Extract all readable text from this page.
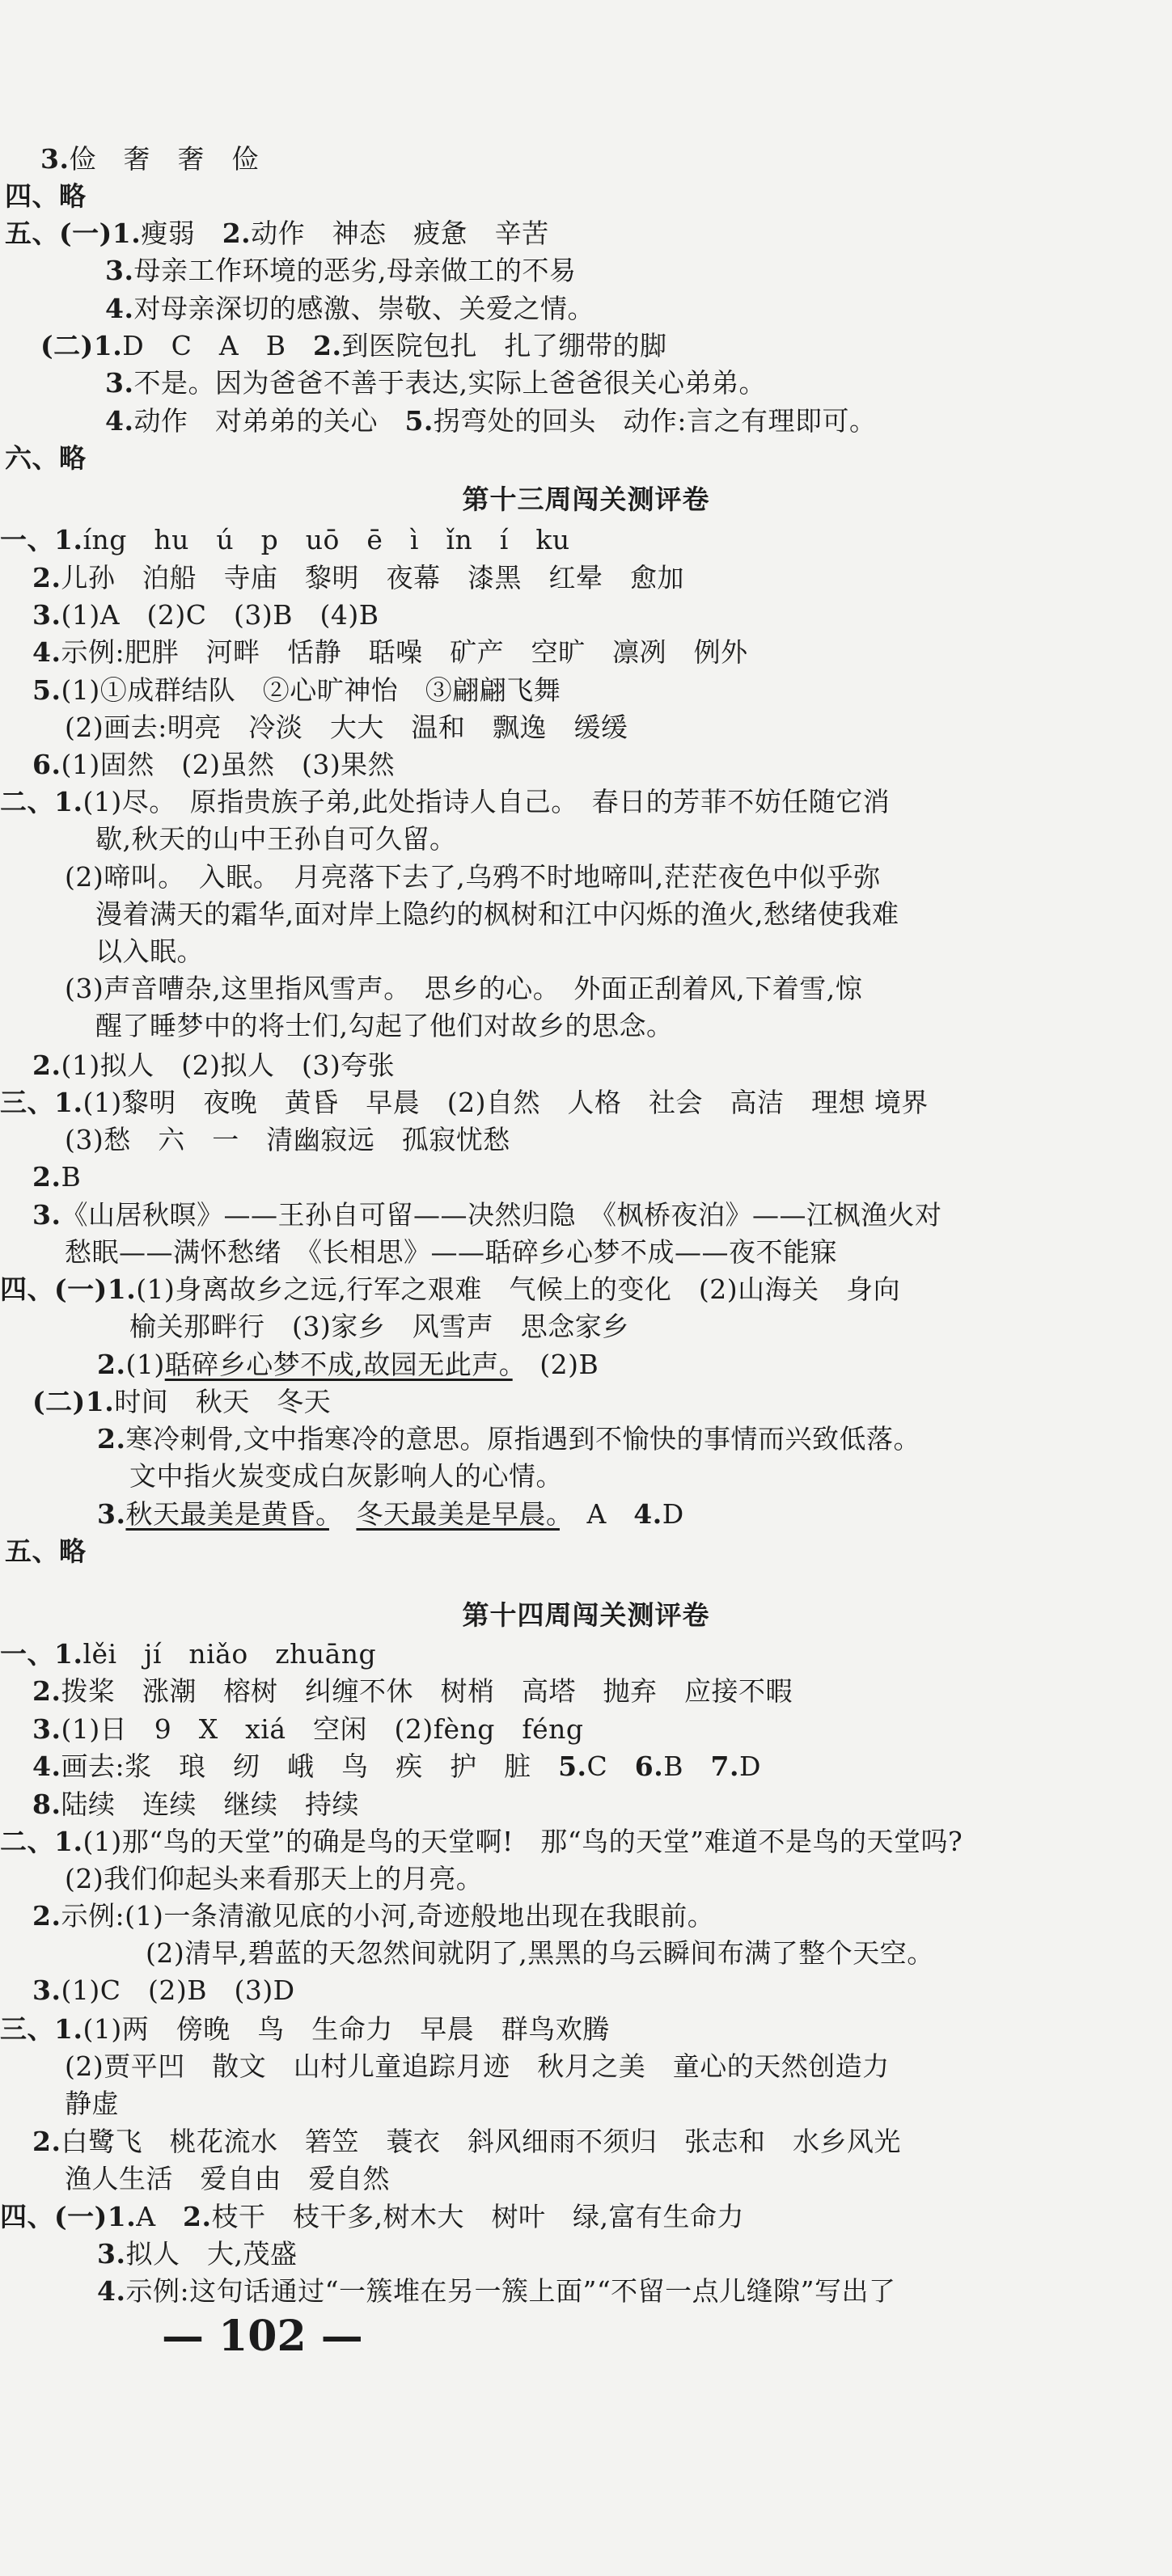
3.俭　奢　奢　俭
四、略
五、(一)1.瘦弱　2.动作　神态　疲惫　辛苦
3.母亲工作环境的恶劣,母亲做工的不易
4.对母亲深切的感激、崇敬、关爱之情。
(二)1.D　C　A　B　2.到医院包扎　扎了绷带的脚
3.不是。因为爸爸不善于表达,实际上爸爸很关心弟弟。
4.动作　对弟弟的关心　5.拐弯处的回头　动作:言之有理即可。
六、略
一、1.íng　hu　ú　p　uō　ē　ì　ǐn　í　ku
2.儿孙　泊船　寺庙　黎明　夜幕　漆黑　红晕　愈加
3.(1)A　(2)C　(3)B　(4)B
4.示例:肥胖　河畔　恬静　聒噪　矿产　空旷　凛冽　例外
5.(1)①成群结队　②心旷神怡　③翩翩飞舞
(2)画去:明亮　冷淡　大大　温和　飘逸　缓缓
6.(1)固然　(2)虽然　(3)果然
二、1.(1)尽。　原指贵族子弟,此处指诗人自己。　春日的芳菲不妨任随它消
歇,秋天的山中王孙自可久留。
(2)啼叫。　入眠。　月亮落下去了,乌鸦不时地啼叫,茫茫夜色中似乎弥
漫着满天的霜华,面对岸上隐约的枫树和江中闪烁的渔火,愁绪使我难
以入眠。
(3)声音嘈杂,这里指风雪声。　思乡的心。　外面正刮着风,下着雪,惊
醒了睡梦中的将士们,勾起了他们对故乡的思念。
2.(1)拟人　(2)拟人　(3)夸张
三、1.(1)黎明　夜晚　黄昏　早晨　(2)自然　人格　社会　高洁　理想 境界
(3)愁　六　一　清幽寂远　孤寂忧愁
2.B
3.《山居秋暝》——王孙自可留——决然归隐　《枫桥夜泊》——江枫渔火对
愁眠——满怀愁绪　《长相思》——聒碎乡心梦不成——夜不能寐
四、(一)1.(1)身离故乡之远,行军之艰难　气候上的变化　(2)山海关　身向
榆关那畔行　(3)家乡　风雪声　思念家乡
2.(1)聒碎乡心梦不成,故园无此声。　(2)B
(二)1.时间　秋天　冬天
2.寒冷刺骨,文中指寒冷的意思。原指遇到不愉快的事情而兴致低落。
文中指火炭变成白灰影响人的心情。
3.秋天最美是黄昏。　 冬天最美是早晨。　A　4.D
五、略
一、1.lěi　jí　niǎo　zhuāng
2.拨桨　涨潮　榕树　纠缠不休　树梢　高塔　抛弃　应接不暇
3.(1)日　9　X　xiá　空闲　(2)fèng　féng
4.画去:浆　琅　纫　峨　鸟　疾　护　脏　5.C　6.B　7.D
8.陆续　连续　继续　持续
二、1.(1)那“鸟的天堂”的确是鸟的天堂啊!　那“鸟的天堂”难道不是鸟的天堂吗?
(2)我们仰起头来看那天上的月亮。
2.示例:(1)一条清澈见底的小河,奇迹般地出现在我眼前。
(2)清早,碧蓝的天忽然间就阴了,黑黑的乌云瞬间布满了整个天空。
3.(1)C　(2)B　(3)D
三、1.(1)两　傍晚　鸟　生命力　早晨　群鸟欢腾
(2)贾平凹　散文　山村儿童追踪月迹　秋月之美　童心的天然创造力
静虚
2.白鹭飞　桃花流水　箬笠　蓑衣　斜风细雨不须归　张志和　水乡风光
渔人生活　爱自由　爱自然
四、(一)1.A　2.枝干　枝干多,树木大　树叶　绿,富有生命力
3.拟人　大,茂盛
4.示例:这句话通过“一簇堆在另一簇上面”“不留一点儿缝隙”写出了
第十三周闯关测评卷
第十四周闯关测评卷
— 102 —
